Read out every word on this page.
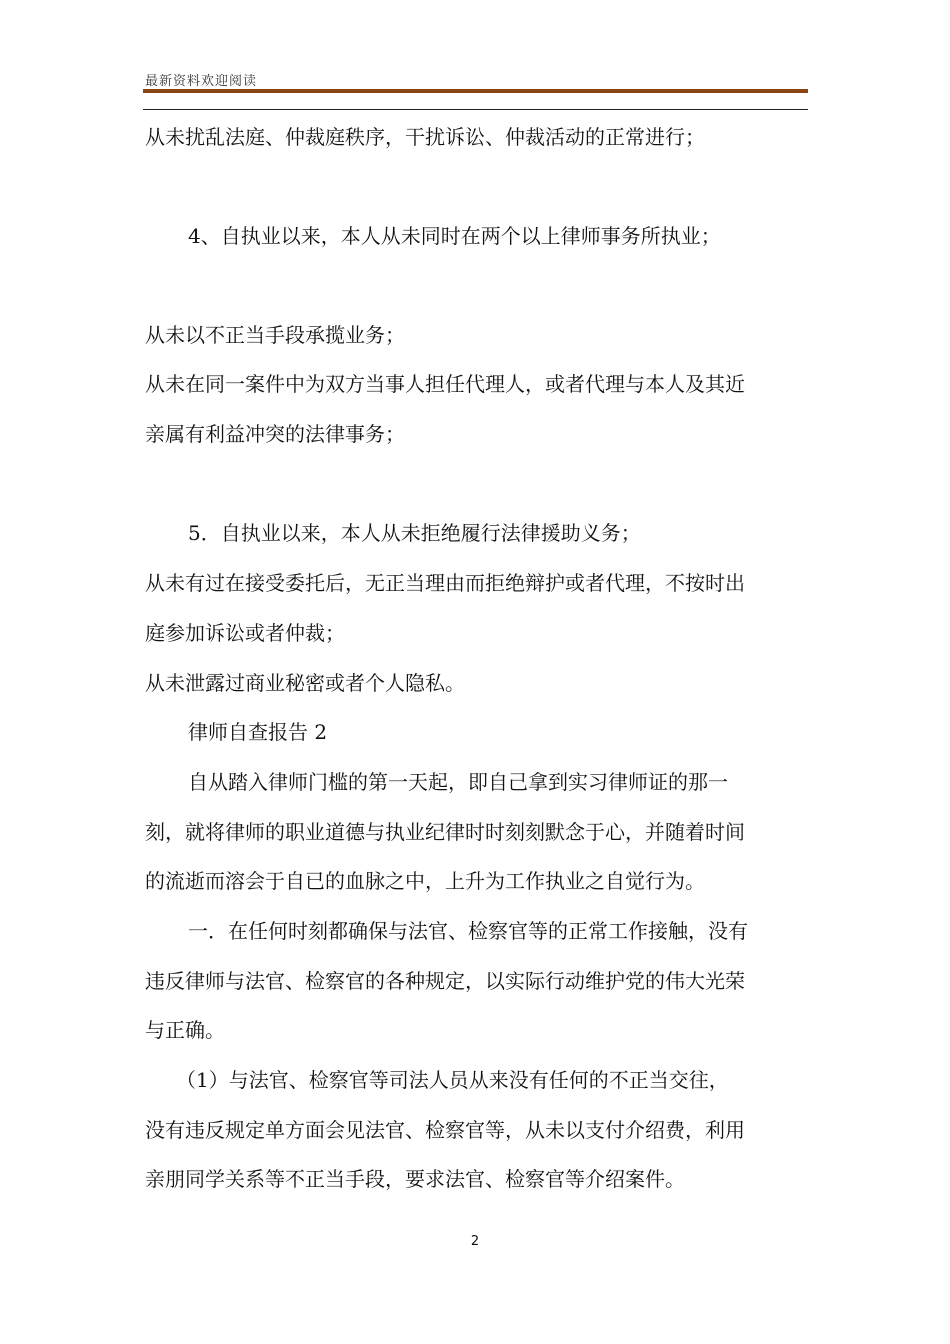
最新资料欢迎阅读
从未扰乱法庭、仲裁庭秩序，干扰诉讼、仲裁活动的正常进行；
4、自执业以来，本人从未同时在两个以上律师事务所执业；
从未以不正当手段承揽业务；
从未在同一案件中为双方当事人担任代理人，或者代理与本人及其近
亲属有利益冲突的法律事务；
5．自执业以来，本人从未拒绝履行法律援助义务；
从未有过在接受委托后，无正当理由而拒绝辩护或者代理，不按时出
庭参加诉讼或者仲裁；
从未泄露过商业秘密或者个人隐私。
律师自查报告 2
自从踏入律师门槛的第一天起，即自己拿到实习律师证的那一
刻，就将律师的职业道德与执业纪律时时刻刻默念于心，并随着时间
的流逝而溶会于自已的血脉之中，上升为工作执业之自觉行为。
一．在任何时刻都确保与法官、检察官等的正常工作接触，没有
违反律师与法官、检察官的各种规定，以实际行动维护党的伟大光荣
与正确。
（1）与法官、检察官等司法人员从来没有任何的不正当交往，
没有违反规定单方面会见法官、检察官等，从未以支付介绍费，利用
亲朋同学关系等不正当手段，要求法官、检察官等介绍案件。
2
